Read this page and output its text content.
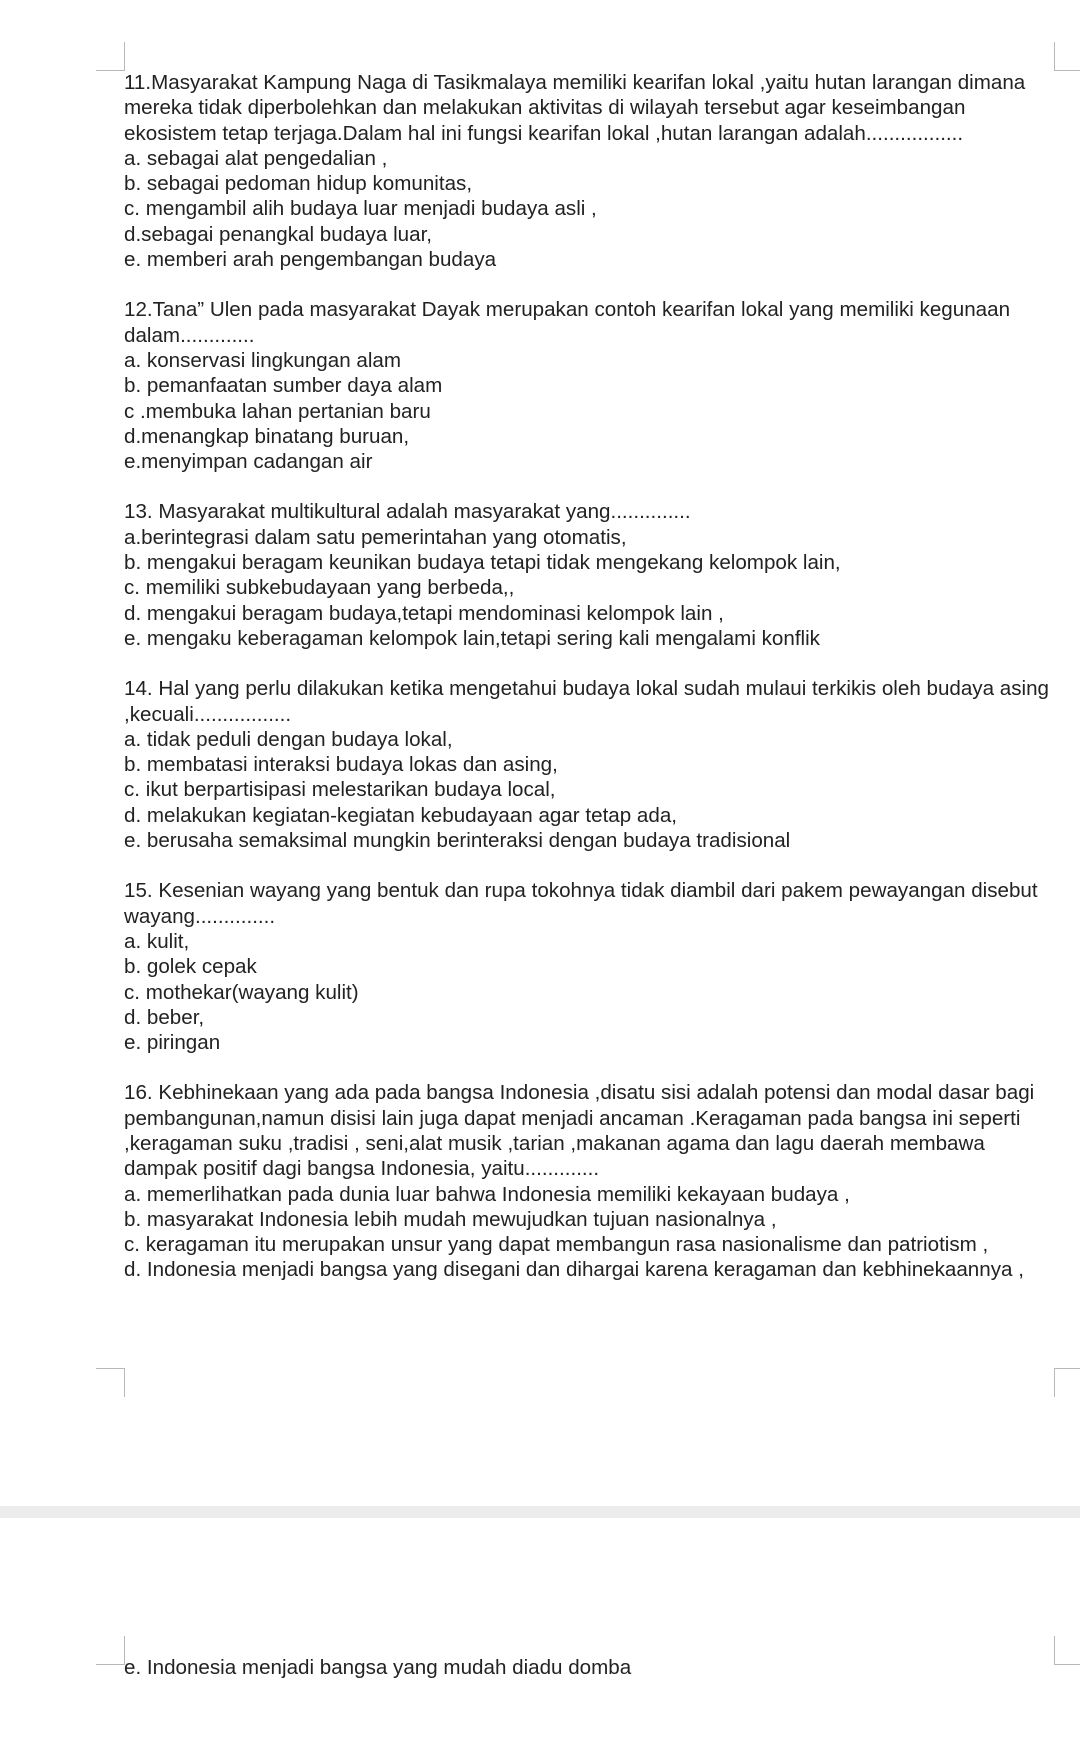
11.Masyarakat Kampung Naga di Tasikmalaya memiliki kearifan lokal ,yaitu hutan larangan dimana mereka tidak diperbolehkan dan melakukan aktivitas di wilayah tersebut agar keseimbangan ekosistem tetap terjaga.Dalam hal ini fungsi kearifan lokal ,hutan larangan adalah.................

a. sebagai alat pengedalian ,

b. sebagai pedoman hidup komunitas,

c. mengambil alih budaya luar menjadi budaya asli ,

d.sebagai penangkal budaya luar,

e. memberi arah pengembangan budaya

12.Tana” Ulen pada masyarakat Dayak merupakan contoh kearifan lokal yang memiliki kegunaan dalam.............

a. konservasi lingkungan alam

b. pemanfaatan sumber daya alam

c .membuka lahan pertanian baru

d.menangkap binatang buruan,

e.menyimpan cadangan air

13. Masyarakat multikultural adalah masyarakat yang..............

a.berintegrasi dalam satu pemerintahan yang otomatis,

b. mengakui beragam keunikan budaya tetapi tidak mengekang kelompok lain,

c. memiliki subkebudayaan yang berbeda,,

d. mengakui beragam budaya,tetapi mendominasi kelompok lain ,

e. mengaku keberagaman kelompok lain,tetapi sering kali mengalami konflik

14. Hal yang perlu dilakukan ketika mengetahui budaya lokal sudah mulaui terkikis oleh budaya asing ,kecuali.................

a. tidak peduli dengan budaya lokal,

b. membatasi interaksi budaya lokas dan asing,

c. ikut berpartisipasi melestarikan budaya local,

d. melakukan kegiatan-kegiatan kebudayaan agar tetap ada,

e. berusaha semaksimal mungkin berinteraksi dengan budaya tradisional

15. Kesenian wayang yang bentuk dan rupa tokohnya tidak diambil dari pakem pewayangan disebut wayang..............

a. kulit,

b. golek cepak

c. mothekar(wayang kulit)

d. beber,

e. piringan

16. Kebhinekaan yang ada pada bangsa Indonesia ,disatu sisi adalah potensi dan modal dasar bagi pembangunan,namun disisi lain juga dapat menjadi ancaman .Keragaman pada bangsa ini seperti ,keragaman suku ,tradisi , seni,alat musik ,tarian ,makanan agama dan lagu daerah membawa dampak positif dagi bangsa Indonesia, yaitu.............

a. memerlihatkan pada dunia luar bahwa Indonesia memiliki kekayaan budaya ,

b. masyarakat Indonesia lebih mudah mewujudkan tujuan nasionalnya ,

c. keragaman itu merupakan unsur yang dapat membangun rasa nasionalisme dan patriotism ,

d. Indonesia menjadi bangsa yang disegani dan dihargai karena keragaman dan kebhinekaannya ,

e. Indonesia menjadi bangsa yang mudah diadu domba
